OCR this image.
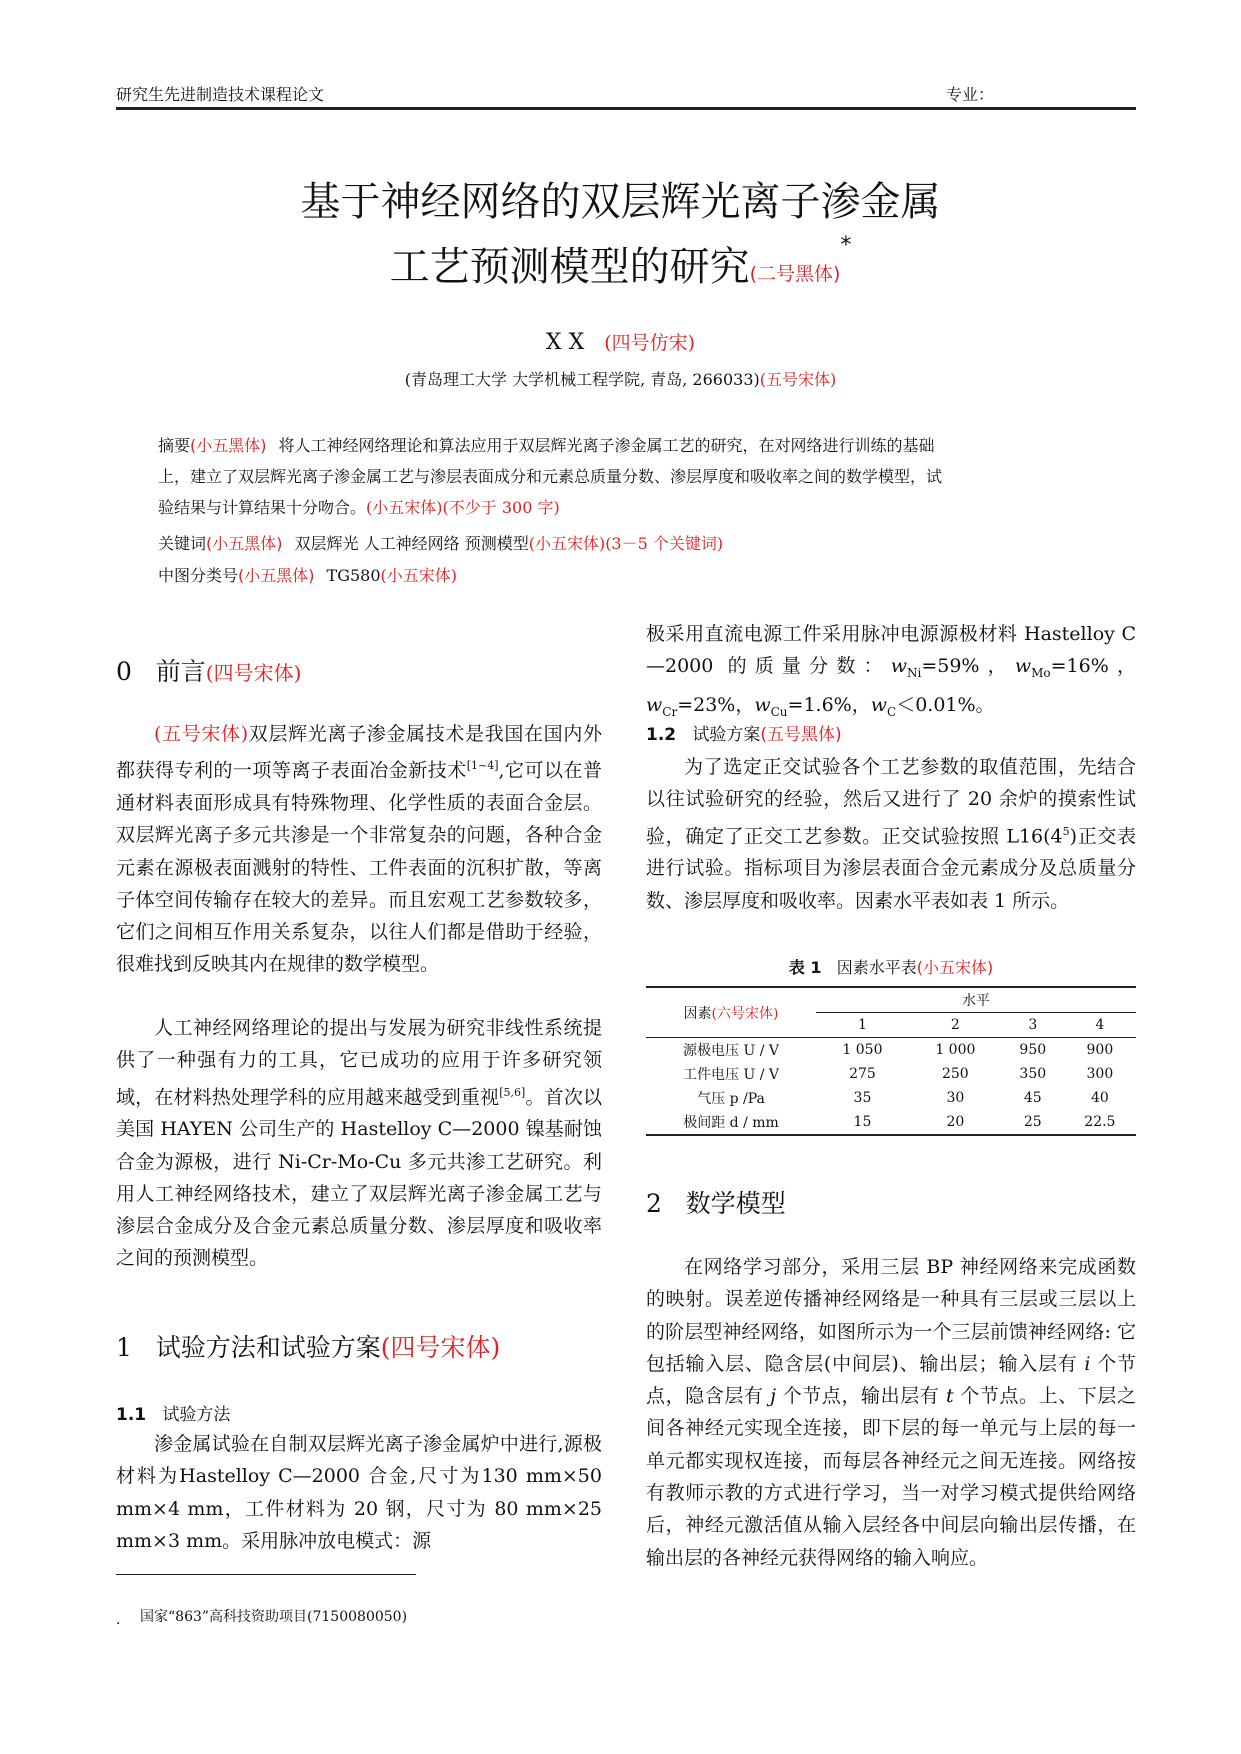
研究生先进制造技术课程论文	专业：
基于神经网络的双层辉光离子渗金属
工艺预测模型的研究(二号黑体)*
X X (四号仿宋)
(青岛理工大学 大学机械工程学院, 青岛, 266033)(五号宋体)
摘要(小五黑体) 将人工神经网络理论和算法应用于双层辉光离子渗金属工艺的研究，在对网络进行训练的基础
上，建立了双层辉光离子渗金属工艺与渗层表面成分和元素总质量分数、渗层厚度和吸收率之间的数学模型，试
验结果与计算结果十分吻合。(小五宋体)(不少于 300 字)
关键词(小五黑体) 双层辉光 人工神经网络 预测模型(小五宋体)(3－5 个关键词)
中图分类号(小五黑体) TG580(小五宋体)
0 前言(四号宋体)
(五号宋体)双层辉光离子渗金属技术是我国在国内外都获得专利的一项等离子表面冶金新技术[1~4],它可以在普通材料表面形成具有特殊物理、化学性质的表面合金层。双层辉光离子多元共渗是一个非常复杂的问题，各种合金元素在源极表面溅射的特性、工件表面的沉积扩散，等离子体空间传输存在较大的差异。而且宏观工艺参数较多，它们之间相互作用关系复杂，以往人们都是借助于经验，很难找到反映其内在规律的数学模型。
人工神经网络理论的提出与发展为研究非线性系统提供了一种强有力的工具，它已成功的应用于许多研究领域，在材料热处理学科的应用越来越受到重视[5,6]。首次以美国 HAYEN 公司生产的 Hastelloy C—2000 镍基耐蚀合金为源极，进行 Ni-Cr-Mo-Cu 多元共渗工艺研究。利用人工神经网络技术，建立了双层辉光离子渗金属工艺与渗层合金成分及合金元素总质量分数、渗层厚度和吸收率之间的预测模型。
1 试验方法和试验方案(四号宋体)
1.1 试验方法
渗金属试验在自制双层辉光离子渗金属炉中进行,源极材料为Hastelloy C—2000 合金,尺寸为130 mm×50 mm×4 mm，工件材料为 20 钢，尺寸为 80 mm×25 mm×3 mm。采用脉冲放电模式：源
. 国家“863”高科技资助项目(7150080050)
极采用直流电源工件采用脉冲电源源极材料 Hastelloy C—2000 的质量分数：$w_{Ni}=59\%$，$w_{Mo}=16\%$，$w_{Cr}=23\%$，$w_{Cu}=1.6\%$，$w_C<0.01\%$。
1.2 试验方案(五号黑体)
为了选定正交试验各个工艺参数的取值范围，先结合以往试验研究的经验，然后又进行了 20 余炉的摸索性试验，确定了正交工艺参数。正交试验按照 $L16(4^5)$正交表进行试验。指标项目为渗层表面合金元素成分及总质量分数、渗层厚度和吸收率。因素水平表如表 1 所示。
表 1 因素水平表(小五宋体)
因素(六号宋体)	水平			
	1	2	3	4
源极电压 U / V	1 050	1 000	950	900
工件电压 U / V	275	250	350	300
气压 p /Pa	35	30	45	40
极间距 d / mm	15	20	25	22.5
2 数学模型
在网络学习部分，采用三层 BP 神经网络来完成函数的映射。误差逆传播神经网络是一种具有三层或三层以上的阶层型神经网络，如图所示为一个三层前馈神经网络: 它包括输入层、隐含层(中间层)、输出层；输入层有 i 个节点，隐含层有 j 个节点，输出层有 t 个节点。上、下层之间各神经元实现全连接，即下层的每一单元与上层的每一单元都实现权连接，而每层各神经元之间无连接。网络按有教师示教的方式进行学习，当一对学习模式提供给网络后，神经元激活值从输入层经各中间层向输出层传播，在输出层的各神经元获得网络的输入响应。
